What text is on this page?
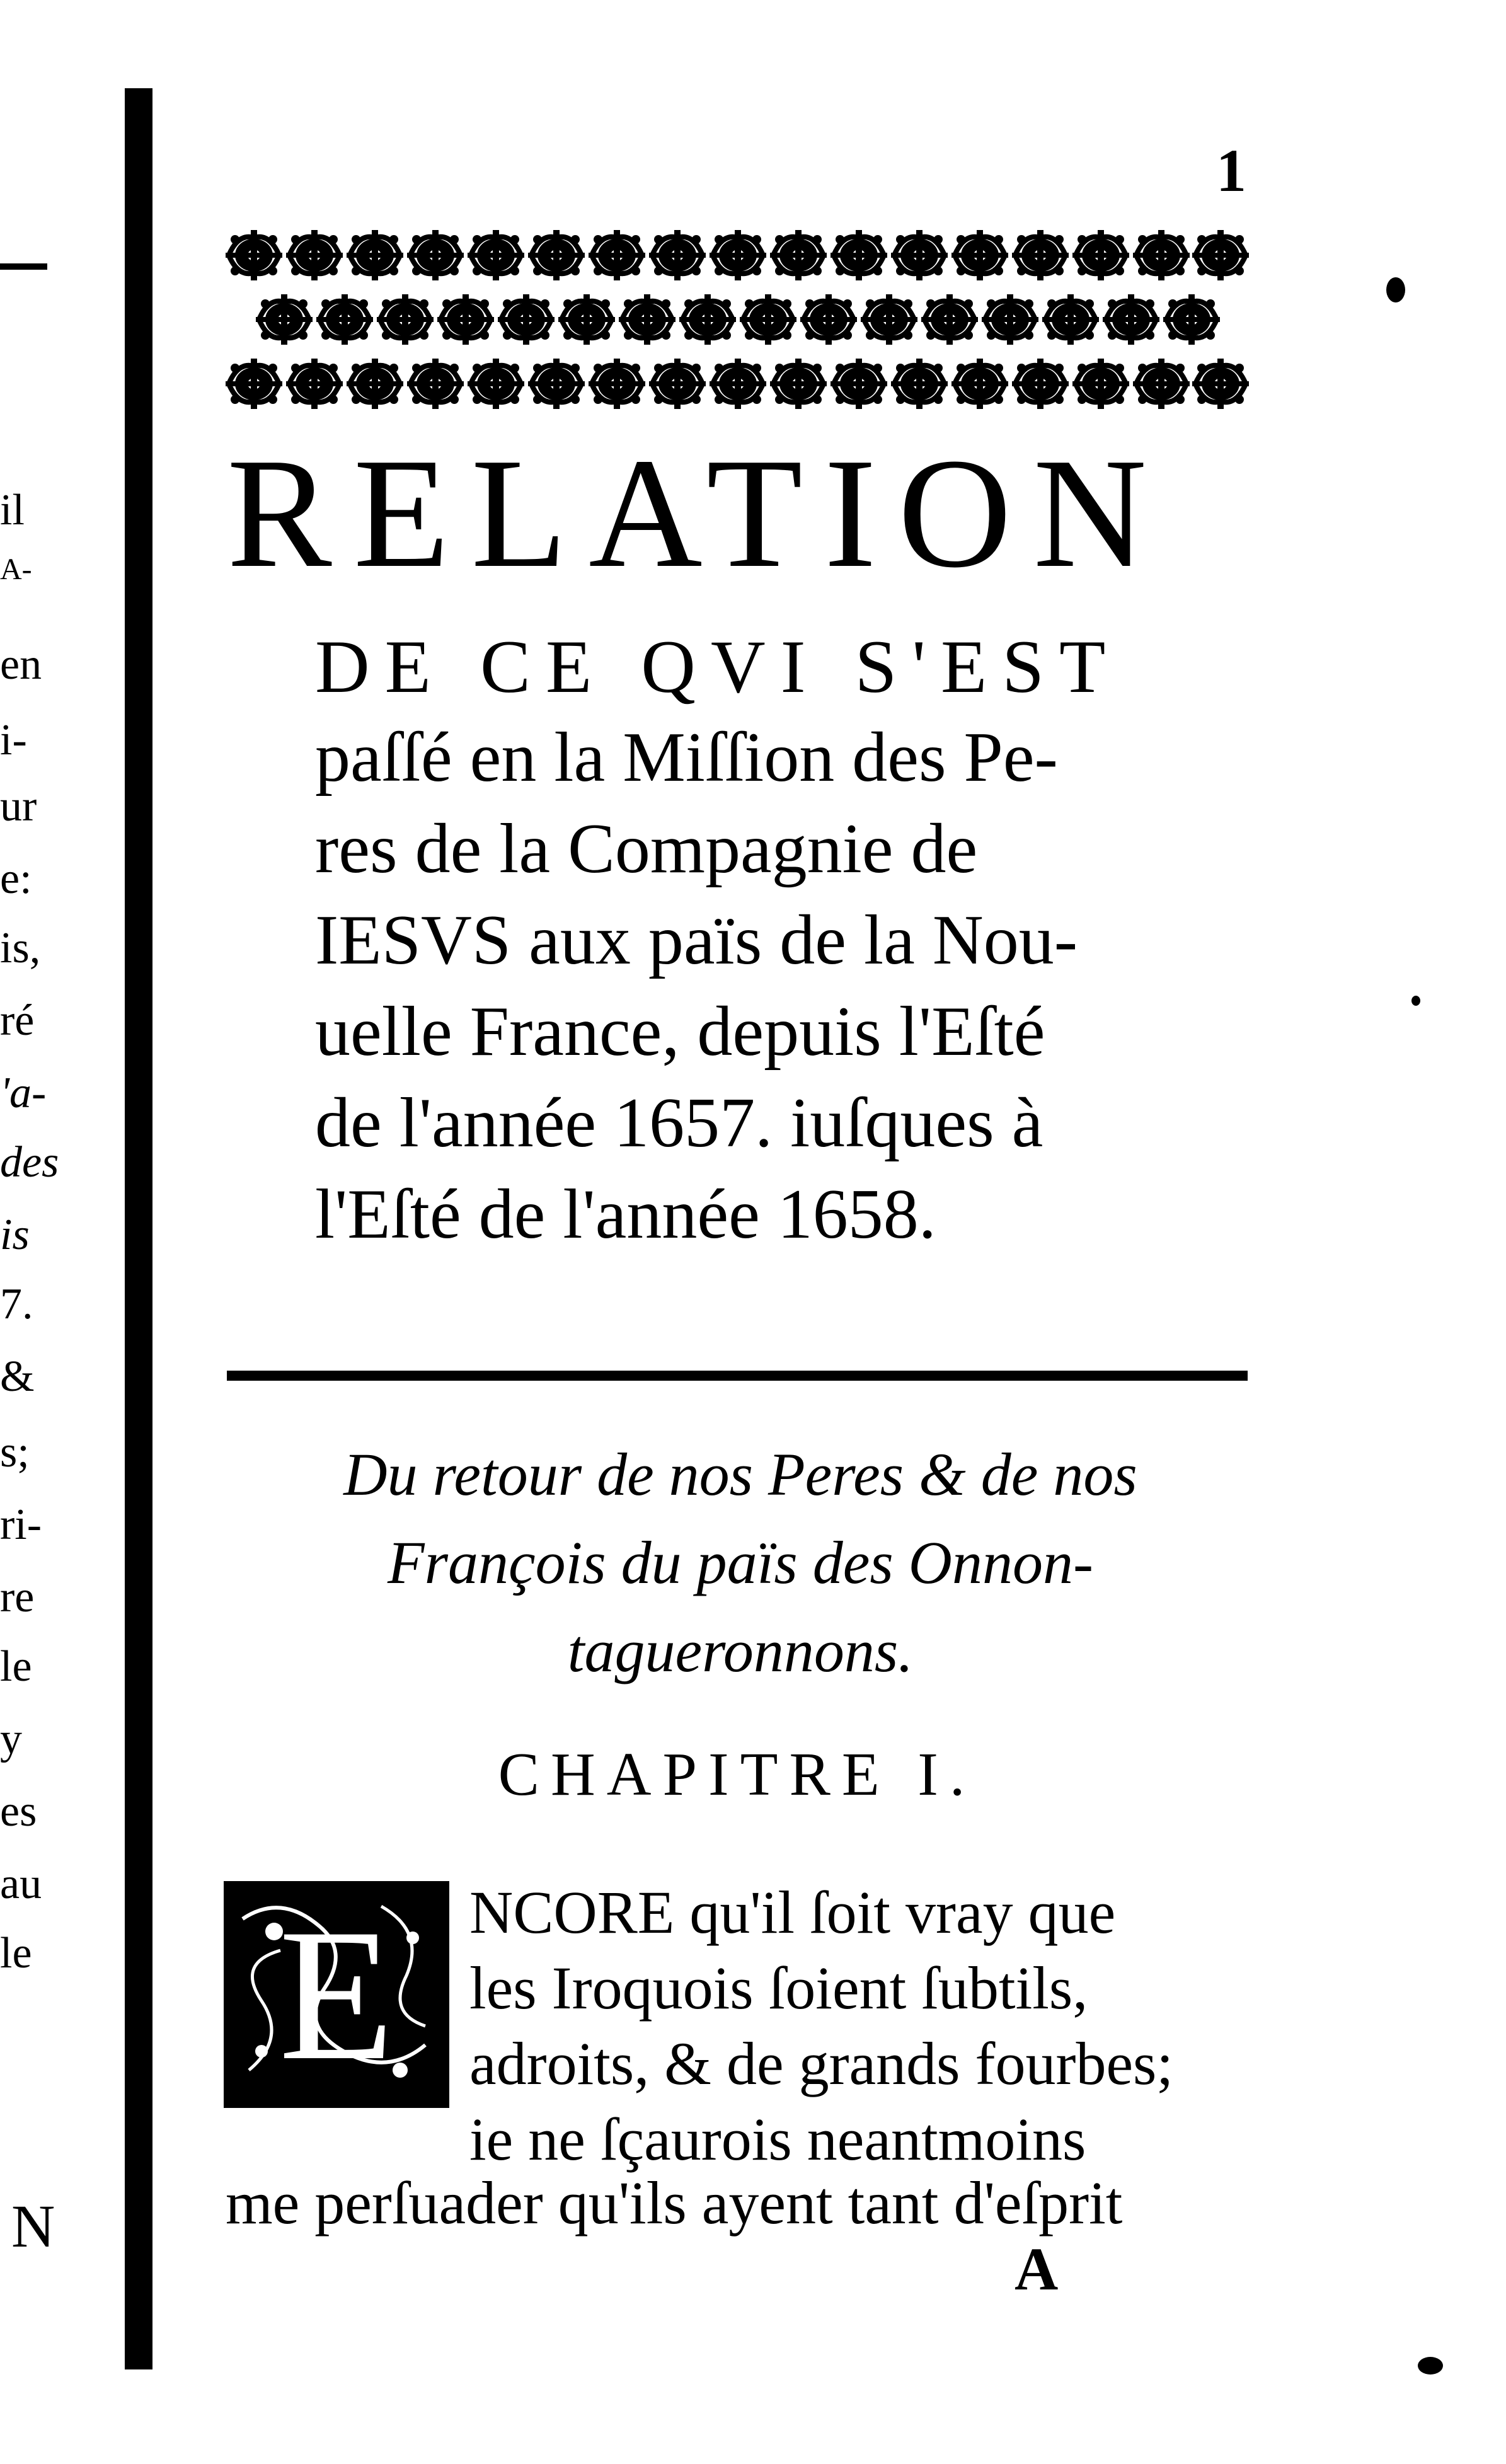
il
A-
en
i-
ur
e:
is,
ré
'a-
des
is
7.
&
s;
ri-
re
le
y
es
au
le
N
1
RELATION

DE CE QVI S'EST

paſſé en la Miſſion des Pe-

res de la Compagnie de

IESVS aux païs de la Nou-

uelle France, depuis l'Eſté

de l'année 1657. iuſques à

l'Eſté de l'année 1658.

Du retour de nos Peres & de nos
François du païs des Onnon-
tagueronnons.
CHAPITRE I.
E	NCORE qu'il ſoit vray que

les Iroquois ſoient ſubtils,

adroits, & de grands fourbes;

ie ne ſçaurois neantmoins

me perſuader qu'ils ayent tant d'eſprit

A
